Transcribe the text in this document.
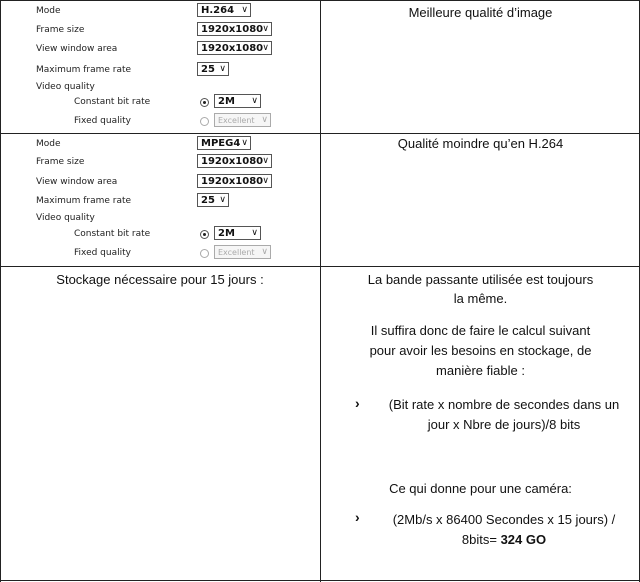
Mode	H.264 ∨
Frame size	1920x1080 ∨
View window area	1920x1080 ∨
Maximum frame rate	25 ∨
Video quality
Constant bit rate	2M ∨
Fixed quality	Excellent ∨
Meilleure qualité d’image
Mode	MPEG4 ∨
Frame size	1920x1080 ∨
View window area	1920x1080 ∨
Maximum frame rate	25 ∨
Video quality
Constant bit rate	2M ∨
Fixed quality	Excellent ∨
Qualité moindre qu’en H.264
Stockage nécessaire pour 15 jours :	La bande passante utilisée est toujours
la même.
Il suffira donc de faire le calcul suivant
pour avoir les besoins en stockage, de
manière fiable :
›	(Bit rate x nombre de secondes dans un
jour x Nbre de jours)/8 bits
Ce qui donne pour une caméra:
›	(2Mb/s x 86400 Secondes x 15 jours) /
8bits= 324 GO
